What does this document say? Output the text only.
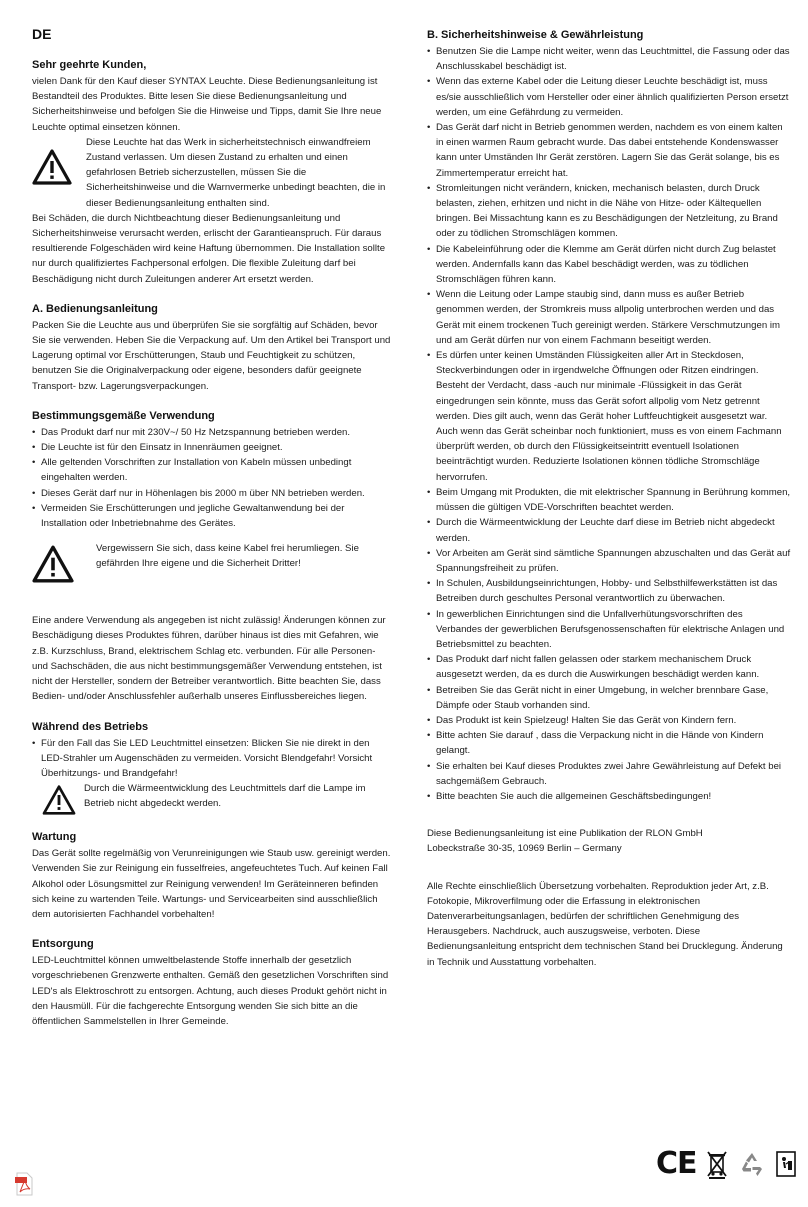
DE
Sehr geehrte Kunden,

vielen Dank für den Kauf dieser SYNTAX Leuchte. Diese Bedienungsanleitung ist Bestandteil des Produktes. Bitte lesen Sie diese Bedienungsanleitung und Sicherheitshinweise und befolgen Sie die Hinweise und Tipps, damit Sie Ihre neue Leuchte optimal einsetzen können.

Diese Leuchte hat das Werk in sicherheitstechnisch einwandfreiem Zustand verlassen. Um diesen Zustand zu erhalten und einen gefahrlosen Betrieb sicherzustellen, müssen Sie die Sicherheitshinweise und die Warnvermerke unbedingt beachten, die in dieser Bedienungsanleitung enthalten sind.

Bei Schäden, die durch Nichtbeachtung dieser Bedienungsanleitung und Sicherheitshinweise verursacht werden, erlischt der Garantieanspruch. Für daraus resultierende Folgeschäden wird keine Haftung übernommen. Die Installation sollte nur durch qualifiziertes Fachpersonal erfolgen. Die flexible Zuleitung darf bei Beschädigung nicht durch Zuleitungen anderer Art ersetzt werden.

A. Bedienungsanleitung

Packen Sie die Leuchte aus und überprüfen Sie sie sorgfältig auf Schäden, bevor Sie sie verwenden. Heben Sie die Verpackung auf. Um den Artikel bei Transport und Lagerung optimal vor Erschütterungen, Staub und Feuchtigkeit zu schützen, benutzen Sie die Originalverpackung oder eigene, besonders dafür geeignete Transport- bzw. Lagerungsverpackungen.

Bestimmungsgemäße Verwendung
• Das Produkt darf nur mit 230V~/ 50 Hz Netzspannung betrieben werden.
• Die Leuchte ist für den Einsatz in Innenräumen geeignet.
• Alle geltenden Vorschriften zur Installation von Kabeln müssen unbedingt eingehalten werden.
• Dieses Gerät darf nur in Höhenlagen bis 2000 m über NN betrieben werden.
• Vermeiden Sie Erschütterungen und jegliche Gewaltanwendung bei der Installation oder Inbetriebnahme des Gerätes.

Vergewissern Sie sich, dass keine Kabel frei herumliegen. Sie gefährden Ihre eigene und die Sicherheit Dritter!

Eine andere Verwendung als angegeben ist nicht zulässig! Änderungen können zur Beschädigung dieses Produktes führen, darüber hinaus ist dies mit Gefahren, wie z.B. Kurzschluss, Brand, elektrischem Schlag etc. verbunden. Für alle Personen- und Sachschäden, die aus nicht bestimmungsgemäßer Verwendung entstehen, ist nicht der Hersteller, sondern der Betreiber verantwortlich. Bitte beachten Sie, dass Bedien- und/oder Anschlussfehler außerhalb unseres Einflussbereiches liegen.

Während des Betriebs
• Für den Fall das Sie LED Leuchtmittel einsetzen: Blicken Sie nie direkt in den LED-Strahler um Augenschäden zu vermeiden. Vorsicht Blendgefahr! Vorsicht Überhitzungs- und Brandgefahr!

Durch die Wärmeentwicklung des Leuchtmittels darf die Lampe im Betrieb nicht abgedeckt werden.

Wartung

Das Gerät sollte regelmäßig von Verunreinigungen wie Staub usw. gereinigt werden. Verwenden Sie zur Reinigung ein fusselfreies, angefeuchtetes Tuch. Auf keinen Fall Alkohol oder Lösungsmittel zur Reinigung verwenden! Im Geräteinneren befinden sich keine zu wartenden Teile. Wartungs- und Servicearbeiten sind ausschließlich dem autorisierten Fachhandel vorbehalten!

Entsorgung

LED-Leuchtmittel können umweltbelastende Stoffe innerhalb der gesetzlich vorgeschriebenen Grenzwerte enthalten. Gemäß den gesetzlichen Vorschriften sind LED's als Elektroschrott zu entsorgen. Achtung, auch dieses Produkt gehört nicht in den Hausmüll. Für die fachgerechte Entsorgung wenden Sie sich bitte an die öffentlichen Sammelstellen in Ihrer Gemeinde.

B. Sicherheitshinweise & Gewährleistung
• Benutzen Sie die Lampe nicht weiter, wenn das Leuchtmittel, die Fassung oder das Anschlusskabel beschädigt ist.
• Wenn das externe Kabel oder die Leitung dieser Leuchte beschädigt ist, muss es/sie ausschließlich vom Hersteller oder einer ähnlich qualifizierten Person ersetzt werden, um eine Gefährdung zu vermeiden.
• Das Gerät darf nicht in Betrieb genommen werden, nachdem es von einem kalten in einen warmen Raum gebracht wurde. Das dabei entstehende Kondenswasser kann unter Umständen Ihr Gerät zerstören. Lagern Sie das Gerät solange, bis es Zimmertemperatur erreicht hat.
• Stromleitungen nicht verändern, knicken, mechanisch belasten, durch Druck belasten, ziehen, erhitzen und nicht in die Nähe von Hitze- oder Kältequellen bringen. Bei Missachtung kann es zu Beschädigungen der Netzleitung, zu Brand oder zu tödlichen Stromschlägen kommen.
• Die Kabeleinführung oder die Klemme am Gerät dürfen nicht durch Zug belastet werden. Andernfalls kann das Kabel beschädigt werden, was zu tödlichen Stromschlägen führen kann.
• Wenn die Leitung oder Lampe staubig sind, dann muss es außer Betrieb genommen werden, der Stromkreis muss allpolig unterbrochen werden und das Gerät mit einem trockenen Tuch gereinigt werden. Stärkere Verschmutzungen im und am Gerät dürfen nur von einem Fachmann beseitigt werden.
• Es dürfen unter keinen Umständen Flüssigkeiten aller Art in Steckdosen, Steckverbindungen oder in irgendwelche Öffnungen oder Ritzen eindringen. Besteht der Verdacht, dass -auch nur minimale -Flüssigkeit in das Gerät eingedrungen sein könnte, muss das Gerät sofort allpolig vom Netz getrennt werden. Dies gilt auch, wenn das Gerät hoher Luftfeuchtigkeit ausgesetzt war. Auch wenn das Gerät scheinbar noch funktioniert, muss es von einem Fachmann überprüft werden, ob durch den Flüssigkeitseintritt eventuell Isolationen beeinträchtigt wurden. Reduzierte Isolationen können tödliche Stromschläge hervorrufen.
• Beim Umgang mit Produkten, die mit elektrischer Spannung in Berührung kommen, müssen die gültigen VDE-Vorschriften beachtet werden.
• Durch die Wärmeentwicklung der Leuchte darf diese im Betrieb nicht abgedeckt werden.
• Vor Arbeiten am Gerät sind sämtliche Spannungen abzuschalten und das Gerät auf Spannungsfreiheit zu prüfen.
• In Schulen, Ausbildungseinrichtungen, Hobby- und Selbsthilfewerkstätten ist das Betreiben durch geschultes Personal verantwortlich zu überwachen.
• In gewerblichen Einrichtungen sind die Unfallverhütungsvorschriften des Verbandes der gewerblichen Berufsgenossenschaften für elektrische Anlagen und Betriebsmittel zu beachten.
• Das Produkt darf nicht fallen gelassen oder starkem mechanischem Druck ausgesetzt werden, da es durch die Auswirkungen beschädigt werden kann.
• Betreiben Sie das Gerät nicht in einer Umgebung, in welcher brennbare Gase, Dämpfe oder Staub vorhanden sind.
• Das Produkt ist kein Spielzeug! Halten Sie das Gerät von Kindern fern.
• Bitte achten Sie darauf , dass die Verpackung nicht in die Hände von Kindern gelangt.
• Sie erhalten bei Kauf dieses Produktes zwei Jahre Gewährleistung auf Defekt bei sachgemäßem Gebrauch.
• Bitte beachten Sie auch die allgemeinen Geschäftsbedingungen!

Diese Bedienungsanleitung ist eine Publikation der RLON GmbH

Lobeckstraße 30-35, 10969 Berlin – Germany

Alle Rechte einschließlich Übersetzung vorbehalten. Reproduktion jeder Art, z.B. Fotokopie, Mikroverfilmung oder die Erfassung in elektronischen Datenverarbeitungsanlagen, bedürfen der schriftlichen Genehmigung des Herausgebers. Nachdruck, auch auszugsweise, verboten. Diese Bedienungsanleitung entspricht dem technischen Stand bei Drucklegung. Änderung in Technik und Ausstattung vorbehalten.

CE
